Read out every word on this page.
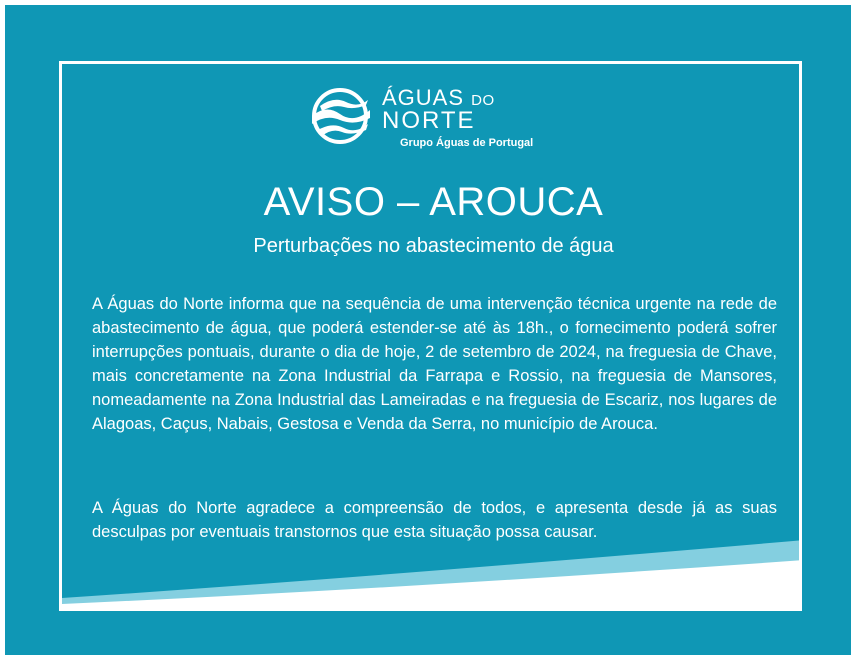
ÁGUAS DO
NORTE
Grupo Águas de Portugal
AVISO – AROUCA
Perturbações no abastecimento de água

A Águas do Norte informa que na sequência de uma intervenção técnica urgente na rede de abastecimento de água, que poderá estender-se até às 18h., o fornecimento poderá sofrer interrupções pontuais, durante o dia de hoje, 2 de setembro de 2024, na freguesia de Chave, mais concretamente na Zona Industrial da Farrapa e Rossio, na freguesia de Mansores, nomeadamente na Zona Industrial das Lameiradas e na freguesia de Escariz, nos lugares de Alagoas, Caçus, Nabais, Gestosa e Venda da Serra, no município de Arouca.

A Águas do Norte agradece a compreensão de todos, e apresenta desde já as suas desculpas por eventuais transtornos que esta situação possa causar.
